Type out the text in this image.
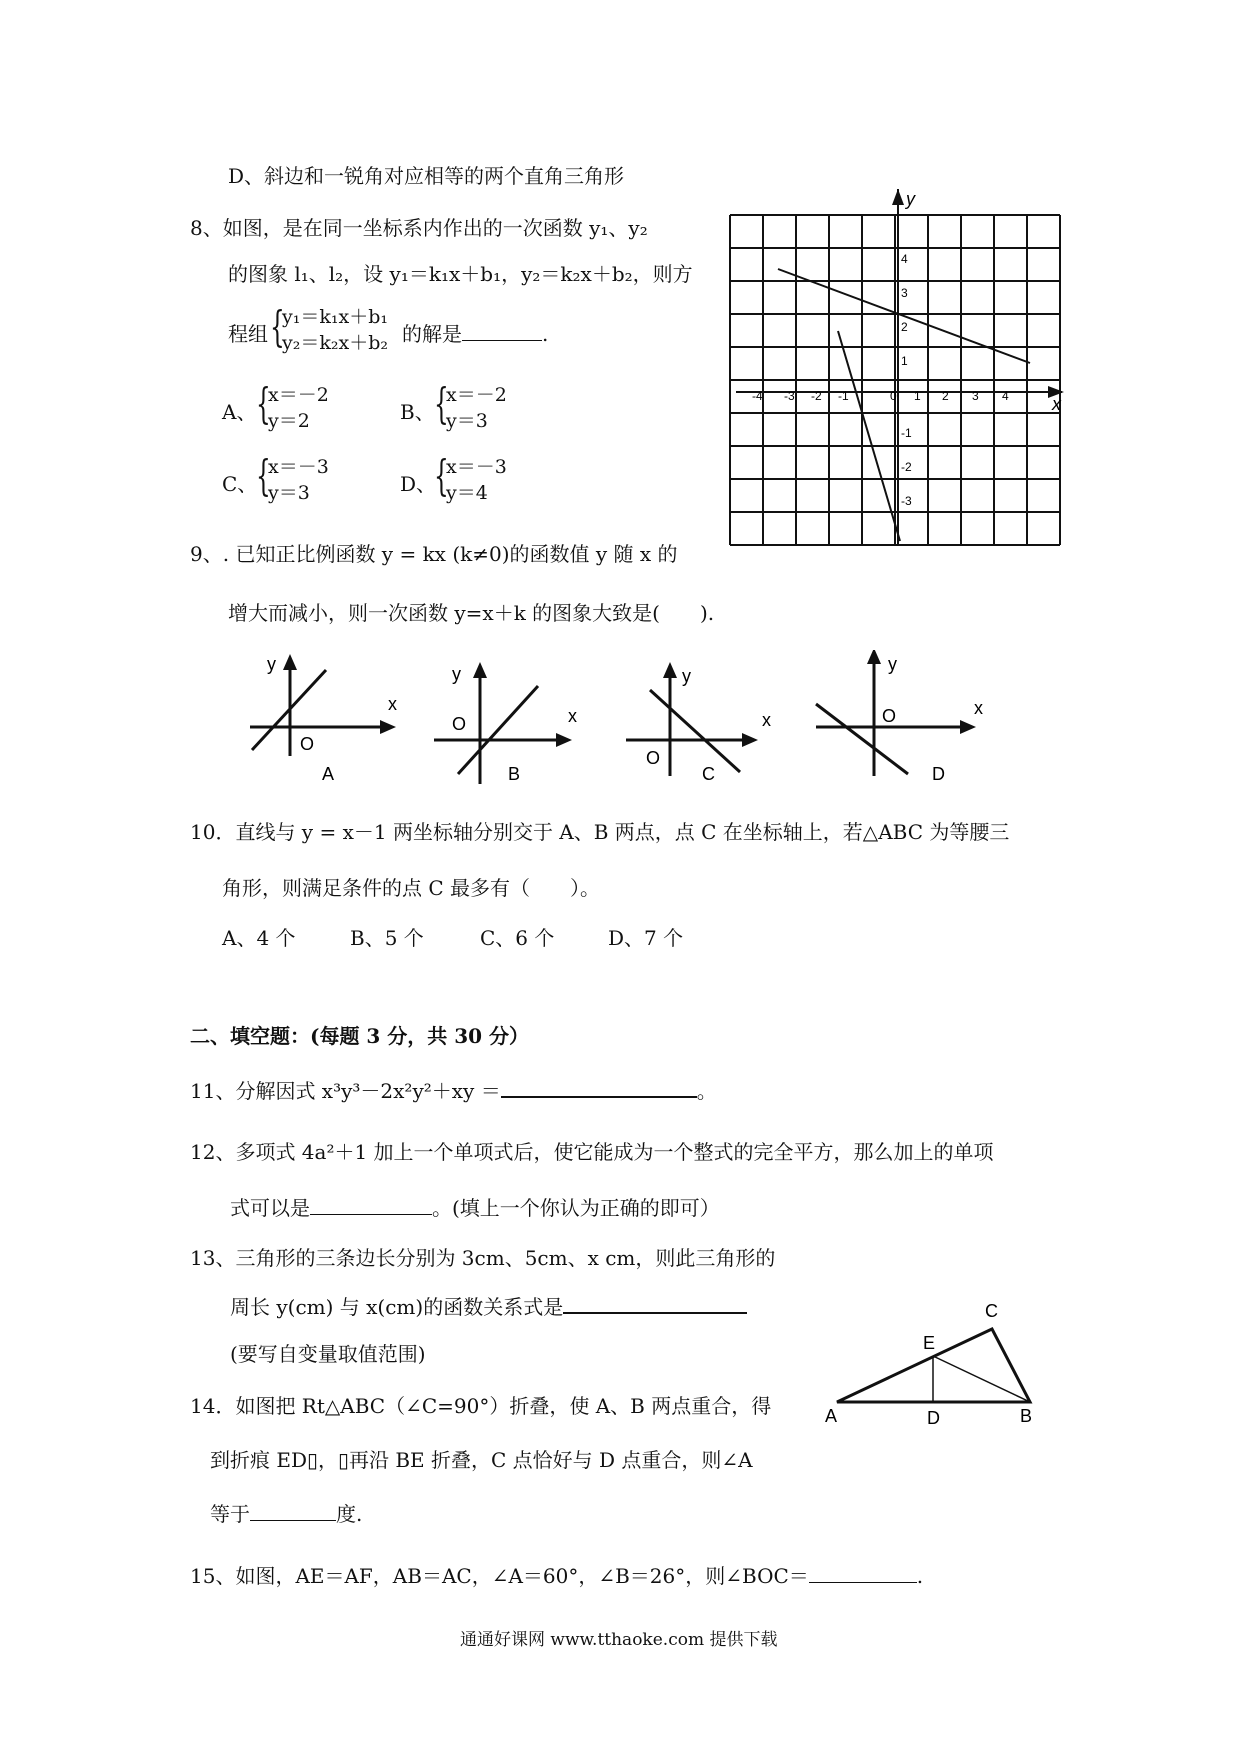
D、斜边和一锐角对应相等的两个直角三角形
8、如图，是在同一坐标系内作出的一次函数 y₁、y₂
的图象 l₁、l₂，设 y₁＝k₁x＋b₁，y₂＝k₂x＋b₂，则方
程组 {
y₁＝k₁x＋b₁
y₂＝k₂x＋b₂ 的解是	.
A、 {
x＝－2
y＝2	B、 {
x＝－2
y＝3
C、
{
x＝－3
y＝3	D、
{
x＝－3
y＝4
y
x
-4 -3 -2 -1	0 1 2 3 4
4
3
2
1
-1
-2
-3
9、. 已知正比例函数 y = kx (k≠0)的函数值 y 随 x 的
增大而减小，则一次函数 y=x＋k 的图象大致是(　　).
y
x
O
A
y
x
O
B
y
x
O
C
y
x
O
D
10．直线与 y = x－1 两坐标轴分别交于 A、B 两点，点 C 在坐标轴上，若△ABC 为等腰三
角形，则满足条件的点 C 最多有（　　）。
A、4 个	B、5 个	C、6 个	D、7 个
二、填空题：(每题 3 分，共 30 分）
11、分解因式 x³y³－2x²y²＋xy ＝	。
12、多项式 4a²＋1 加上一个单项式后，使它能成为一个整式的完全平方，那么加上的单项
式可以是	。(填上一个你认为正确的即可）
13、三角形的三条边长分别为 3cm、5cm、x cm，则此三角形的
周长 y(cm) 与 x(cm)的函数关系式是
(要写自变量取值范围)
14．如图把 Rt△ABC（∠C=90°）折叠，使 A、B 两点重合，得
到折痕 ED▯，▯再沿 BE 折叠，C 点恰好与 D 点重合，则∠A
等于	度.
A
C
E
D	B
15、如图，AE＝AF，AB＝AC，∠A＝60°，∠B＝26°，则∠BOC＝	.
通通好课网 www.tthaoke.com 提供下载
